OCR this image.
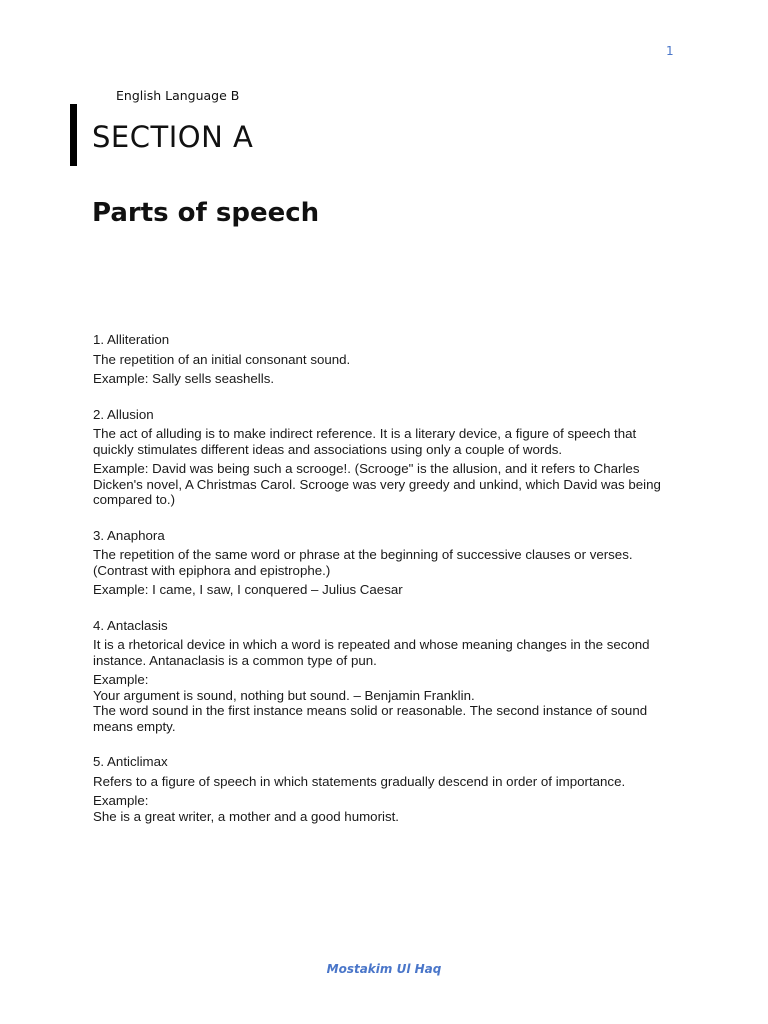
1
English Language B
SECTION A
Parts of speech
1. Alliteration
The repetition of an initial consonant sound.
Example: Sally sells seashells.
2. Allusion
The act of alluding is to make indirect reference. It is a literary device, a figure of speech that
quickly stimulates different ideas and associations using only a couple of words.
Example: David was being such a scrooge!. (Scrooge" is the allusion, and it refers to Charles
Dicken's novel, A Christmas Carol. Scrooge was very greedy and unkind, which David was being
compared to.)
3. Anaphora
The repetition of the same word or phrase at the beginning of successive clauses or verses.
(Contrast with epiphora and epistrophe.)
Example: I came, I saw, I conquered – Julius Caesar
4. Antaclasis
It is a rhetorical device in which a word is repeated and whose meaning changes in the second
instance. Antanaclasis is a common type of pun.
Example:
Your argument is sound, nothing but sound. – Benjamin Franklin.
The word sound in the first instance means solid or reasonable. The second instance of sound
means empty.
5. Anticlimax
Refers to a figure of speech in which statements gradually descend in order of importance.
Example:
She is a great writer, a mother and a good humorist.
Mostakim Ul Haq
